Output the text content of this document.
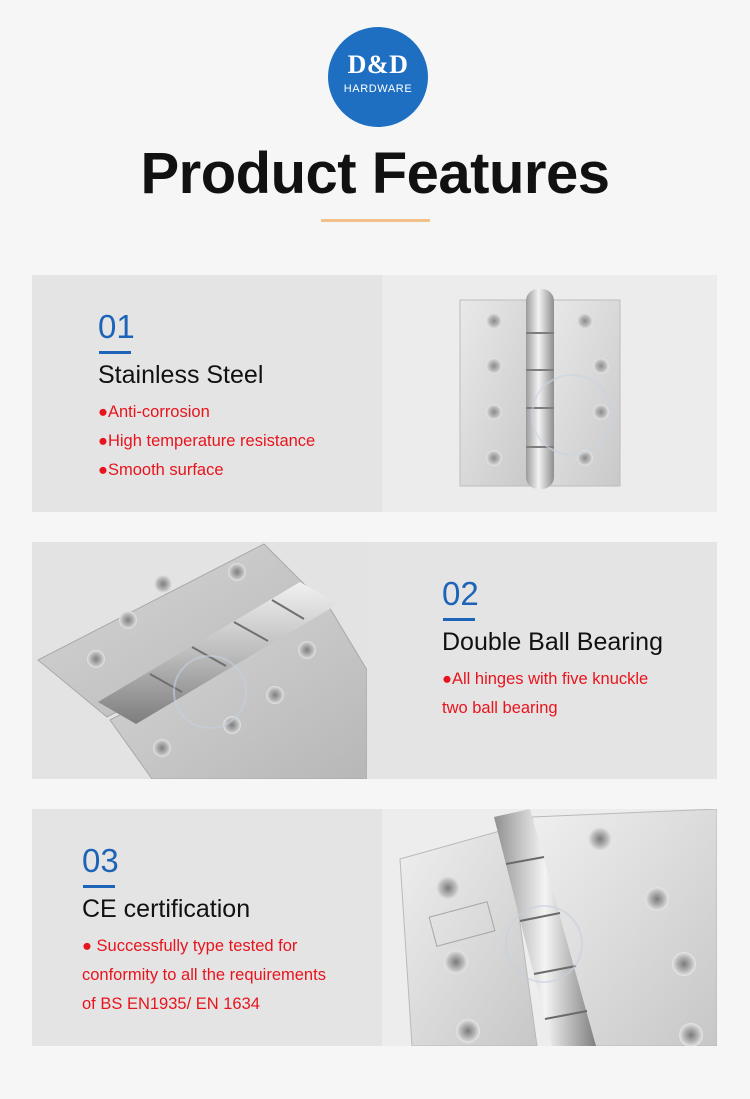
D&D
HARDWARE
Product Features
01
Stainless Steel
●Anti-corrosion
●High temperature resistance
●Smooth surface
02
Double Ball Bearing
●All hinges with five knuckle
two ball bearing
03
CE certification
● Successfully type tested for
conformity to all the requirements
of BS EN1935/ EN 1634
